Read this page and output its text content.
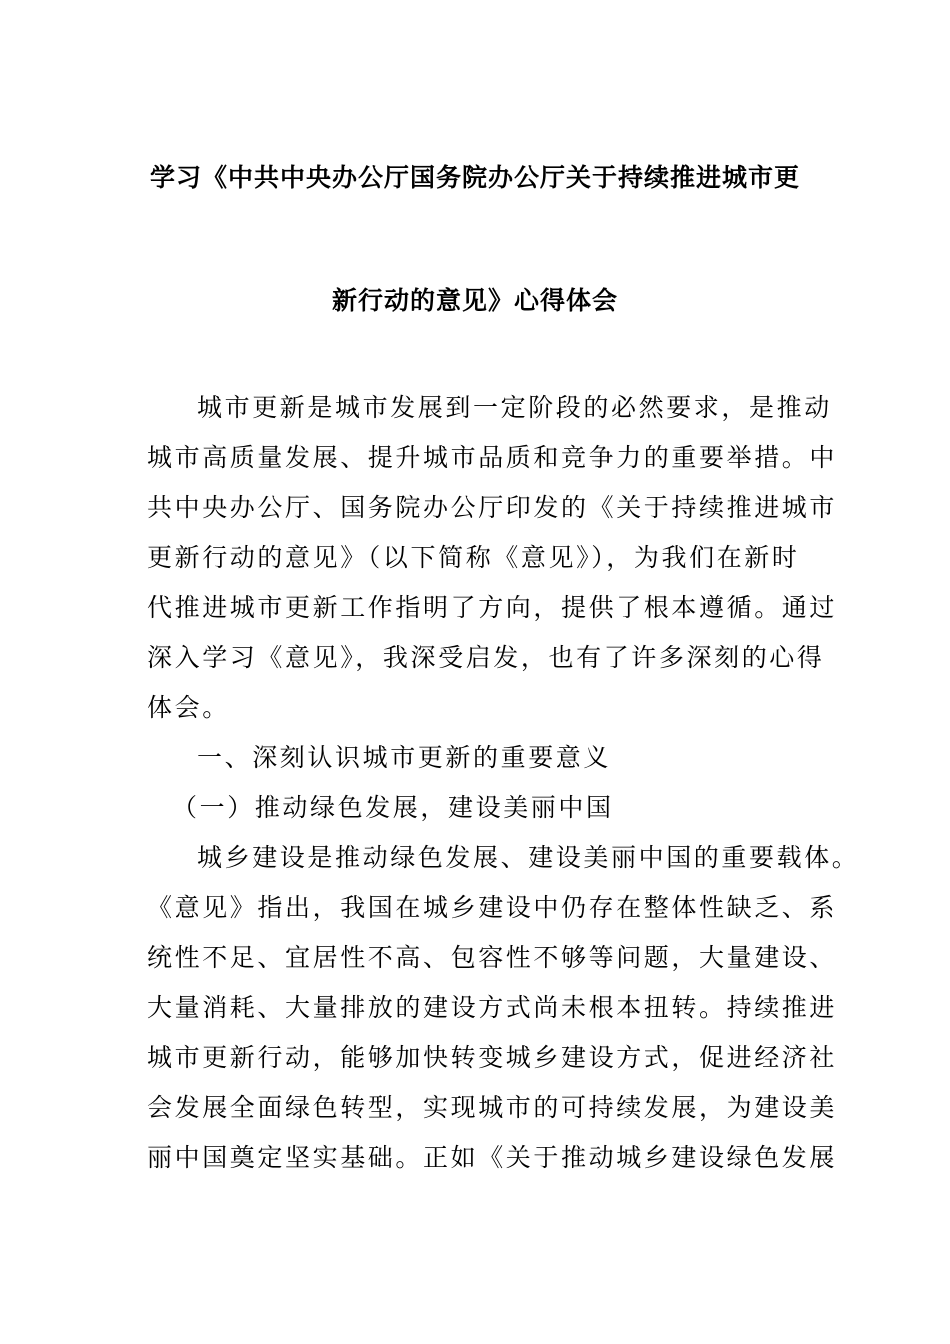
学习《中共中央办公厅国务院办公厅关于持续推进城市更
新行动的意见》心得体会
城市更新是城市发展到一定阶段的必然要求，是推动
城市高质量发展、提升城市品质和竞争力的重要举措。中
共中央办公厅、国务院办公厅印发的《关于持续推进城市
更新行动的意见》（以下简称《意见》），为我们在新时
代推进城市更新工作指明了方向，提供了根本遵循。通过
深入学习《意见》，我深受启发，也有了许多深刻的心得
体会。
一、深刻认识城市更新的重要意义
（一）推动绿色发展，建设美丽中国
城乡建设是推动绿色发展、建设美丽中国的重要载体。
《意见》指出，我国在城乡建设中仍存在整体性缺乏、系
统性不足、宜居性不高、包容性不够等问题，大量建设、
大量消耗、大量排放的建设方式尚未根本扭转。持续推进
城市更新行动，能够加快转变城乡建设方式，促进经济社
会发展全面绿色转型，实现城市的可持续发展，为建设美
丽中国奠定坚实基础。正如《关于推动城乡建设绿色发展
